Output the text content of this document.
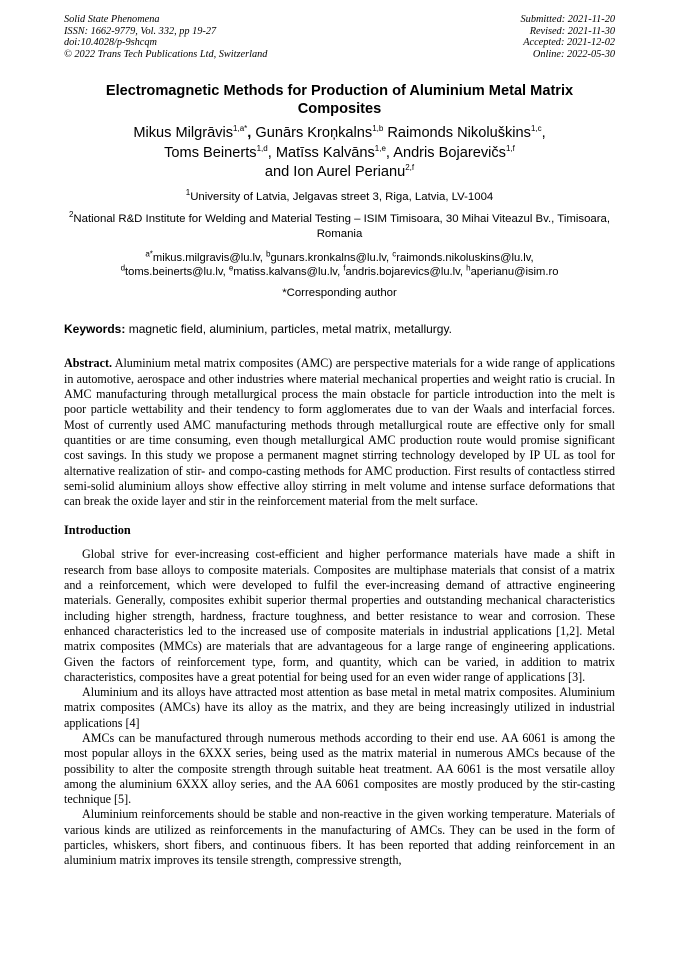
Solid State Phenomena
ISSN: 1662-9779, Vol. 332, pp 19-27
doi:10.4028/p-9shcqm
© 2022 Trans Tech Publications Ltd, Switzerland
Submitted: 2021-11-20
Revised: 2021-11-30
Accepted: 2021-12-02
Online: 2022-05-30
Electromagnetic Methods for Production of Aluminium Metal Matrix Composites
Mikus Milgrāvis$^{1,a*}$, Gunārs Kroņkalns$^{1,b}$ Raimonds Nikoluškins$^{1,c}$,
Toms Beinerts$^{1,d}$, Matīss Kalvāns$^{1,e}$, Andris Bojarevičs$^{1,f}$
and Ion Aurel Perianu$^{2,f}$
$^1$University of Latvia, Jelgavas street 3, Riga, Latvia, LV-1004
$^2$National R&D Institute for Welding and Material Testing – ISIM Timisoara, 30 Mihai Viteazul Bv., Timisoara, Romania
$^{a*}$mikus.milgravis@lu.lv, $^b$gunars.kronkalns@lu.lv, $^c$raimonds.nikoluskins@lu.lv,
$^d$toms.beinerts@lu.lv, $^e$matiss.kalvans@lu.lv, $^f$andris.bojarevics@lu.lv, $^h$aperianu@isim.ro
*Corresponding author
Keywords: magnetic field, aluminium, particles, metal matrix, metallurgy.
Abstract. Aluminium metal matrix composites (AMC) are perspective materials for a wide range of applications in automotive, aerospace and other industries where material mechanical properties and weight ratio is crucial. In AMC manufacturing through metallurgical process the main obstacle for particle introduction into the melt is poor particle wettability and their tendency to form agglomerates due to van der Waals and interfacial forces. Most of currently used AMC manufacturing methods through metallurgical route are effective only for small quantities or are time consuming, even though metallurgical AMC production route would promise significant cost savings. In this study we propose a permanent magnet stirring technology developed by IP UL as tool for alternative realization of stir- and compo-casting methods for AMC production. First results of contactless stirred semi-solid aluminium alloys show effective alloy stirring in melt volume and intense surface deformations that can break the oxide layer and stir in the reinforcement material from the melt surface.
Introduction

Global strive for ever-increasing cost-efficient and higher performance materials have made a shift in research from base alloys to composite materials. Composites are multiphase materials that consist of a matrix and a reinforcement, which were developed to fulfil the ever-increasing demand of attractive engineering materials. Generally, composites exhibit superior thermal properties and outstanding mechanical characteristics including higher strength, hardness, fracture toughness, and better resistance to wear and corrosion. These enhanced characteristics led to the increased use of composite materials in industrial applications [1,2]. Metal matrix composites (MMCs) are materials that are advantageous for a large range of engineering applications. Given the factors of reinforcement type, form, and quantity, which can be varied, in addition to matrix characteristics, composites have a great potential for being used for an even wider range of applications [3].

Aluminium and its alloys have attracted most attention as base metal in metal matrix composites. Aluminium matrix composites (AMCs) have its alloy as the matrix, and they are being increasingly utilized in industrial applications [4]

AMCs can be manufactured through numerous methods according to their end use. AA 6061 is among the most popular alloys in the 6XXX series, being used as the matrix material in numerous AMCs because of the possibility to alter the composite strength through suitable heat treatment. AA 6061 is the most versatile alloy among the aluminium 6XXX alloy series, and the AA 6061 composites are mostly produced by the stir-casting technique [5].

Aluminium reinforcements should be stable and non-reactive in the given working temperature. Materials of various kinds are utilized as reinforcements in the manufacturing of AMCs. They can be used in the form of particles, whiskers, short fibers, and continuous fibers. It has been reported that adding reinforcement in an aluminium matrix improves its tensile strength, compressive strength,
